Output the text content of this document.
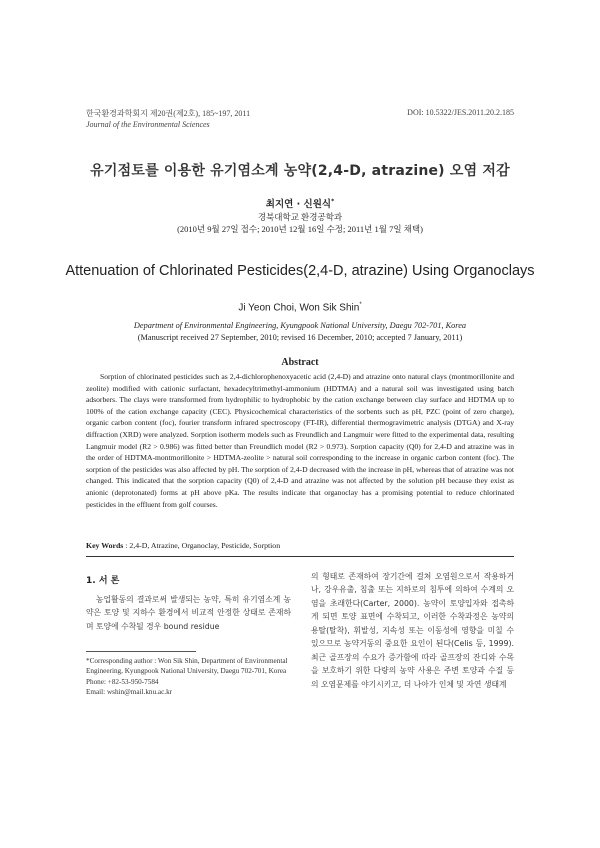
한국환경과학회지 제20권(제2호), 185~197, 2011
Journal of the Environmental Sciences
DOI: 10.5322/JES.2011.20.2.185
유기점토를 이용한 유기염소계 농약(2,4-D, atrazine) 오염 저감
최지연 · 신원식*
경북대학교 환경공학과
(2010년 9월 27일 접수; 2010년 12월 16일 수정; 2011년 1월 7일 채택)
Attenuation of Chlorinated Pesticides(2,4-D, atrazine) Using Organoclays
Ji Yeon Choi, Won Sik Shin*
Department of Environmental Engineering, Kyungpook National University, Daegu 702-701, Korea
(Manuscript received 27 September, 2010; revised 16 December, 2010; accepted 7 January, 2011)
Abstract
Sorption of chlorinated pesticides such as 2,4-dichlorophenoxyacetic acid (2,4-D) and atrazine onto natural clays (montmorillonite and zeolite) modified with cationic surfactant, hexadecyltrimethyl-ammonium (HDTMA) and a natural soil was investigated using batch adsorbers. The clays were transformed from hydrophilic to hydrophobic by the cation exchange between clay surface and HDTMA up to 100% of the cation exchange capacity (CEC). Physicochemical characteristics of the sorbents such as pH, PZC (point of zero charge), organic carbon content (foc), fourier transform infrared spectroscopy (FT-IR), differential thermogravimetric analysis (DTGA) and X-ray diffraction (XRD) were analyzed. Sorption isotherm models such as Freundlich and Langmuir were fitted to the experimental data, resulting Langmuir model (R2 > 0.986) was fitted better than Freundlich model (R2 > 0.973). Sorption capacity (Q0) for 2,4-D and atrazine was in the order of HDTMA-montmorillonite > HDTMA-zeolite > natural soil corresponding to the increase in organic carbon content (foc). The sorption of the pesticides was also affected by pH. The sorption of 2,4-D decreased with the increase in pH, whereas that of atrazine was not changed. This indicated that the sorption capacity (Q0) of 2,4-D and atrazine was not affected by the solution pH because they exist as anionic (deprotonated) forms at pH above pKa. The results indicate that organoclay has a promising potential to reduce chlorinated pesticides in the effluent from golf courses.
Key Words : 2,4-D, Atrazine, Organoclay, Pesticide, Sorption
1. 서 론
농업활동의 결과로써 발생되는 농약, 특히 유기염소계 농약은 토양 및 지하수 환경에서 비교적 안정한 상태로 존재하며 토양에 수착될 경우 bound residue
*Corresponding author : Won Sik Shin, Department of Environmental Engineering, Kyungpook National University, Daegu 702-701, Korea
Phone: +82-53-950-7584
Email: wshin@mail.knu.ac.kr
의 형태로 존재하여 장기간에 걸쳐 오염원으로서 작용하거나, 강우유출, 침출 또는 지하로의 침투에 의하여 수계의 오염을 초래한다(Carter, 2000). 농약이 토양입자와 접촉하게 되면 토양 표면에 수착되고, 이러한 수착과정은 농약의 용탈(탈착), 휘발성, 지속성 또는 이동성에 영향을 미칠 수 있으므로 농약거동의 중요한 요인이 된다(Celis 등, 1999). 최근 골프장의 수요가 증가함에 따라 골프장의 잔디와 수목을 보호하기 위한 다량의 농약 사용은 주변 토양과 수질 등의 오염문제를 야기시키고, 더 나아가 인체 및 자연 생태계
